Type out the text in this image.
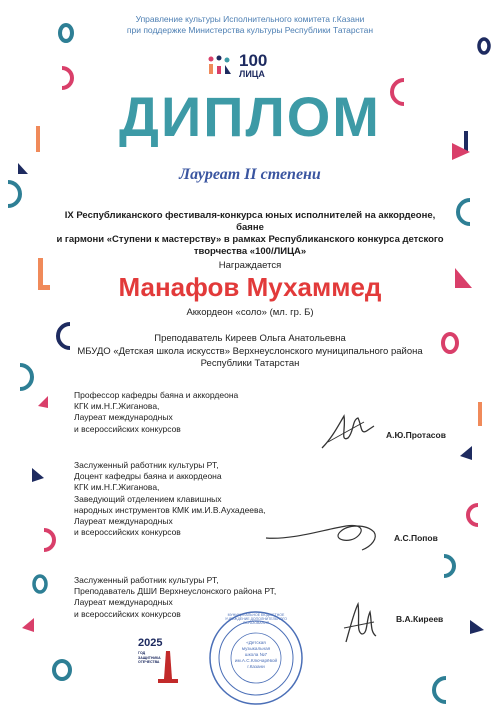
Управление культуры Исполнительного комитета г.Казани
при поддержке Министерства культуры Республики Татарстан
100
ЛИЦА
ДИПЛОМ
Лауреат II степени
IX Республиканского фестиваля-конкурса юных исполнителей на аккордеоне, баяне
и гармони «Ступени к мастерству» в рамках Республиканского конкурса детского
творчества «100/ЛИЦА»
Награждается
Манафов Мухаммед
Аккордеон «соло» (мл. гр. Б)
Преподаватель Киреев Ольга Анатольевна
МБУДО «Детская школа искусств» Верхнеуслонского муниципального района
Республики Татарстан
Профессор кафедры баяна и аккордеона
КГК им.Н.Г.Жиганова,
Лауреат международных
и всероссийских конкурсов
А.Ю.Протасов
Заслуженный работник культуры РТ,
Доцент кафедры баяна и аккордеона
КГК им.Н.Г.Жиганова,
Заведующий отделением клавишных
народных инструментов КМК им.И.В.Аухадеева,
Лауреат международных
и всероссийских конкурсов
А.С.Попов
Заслуженный работник культуры РТ,
Преподаватель ДШИ Верхнеуслонского района РТ,
Лауреат международных
и всероссийских конкурсов
В.А.Киреев
2025
ГОД ЗАЩИТНИКА ОТЕЧЕСТВА
МУНИЦИПАЛЬНОЕ БЮДЖЕТНОЕ УЧРЕЖДЕНИЕ ДОПОЛНИТЕЛЬНОГО ОБРАЗОВАНИЯ
«Детская
музыкальная
школа №7
им.А.С.Ключарёвой
г.Казани
